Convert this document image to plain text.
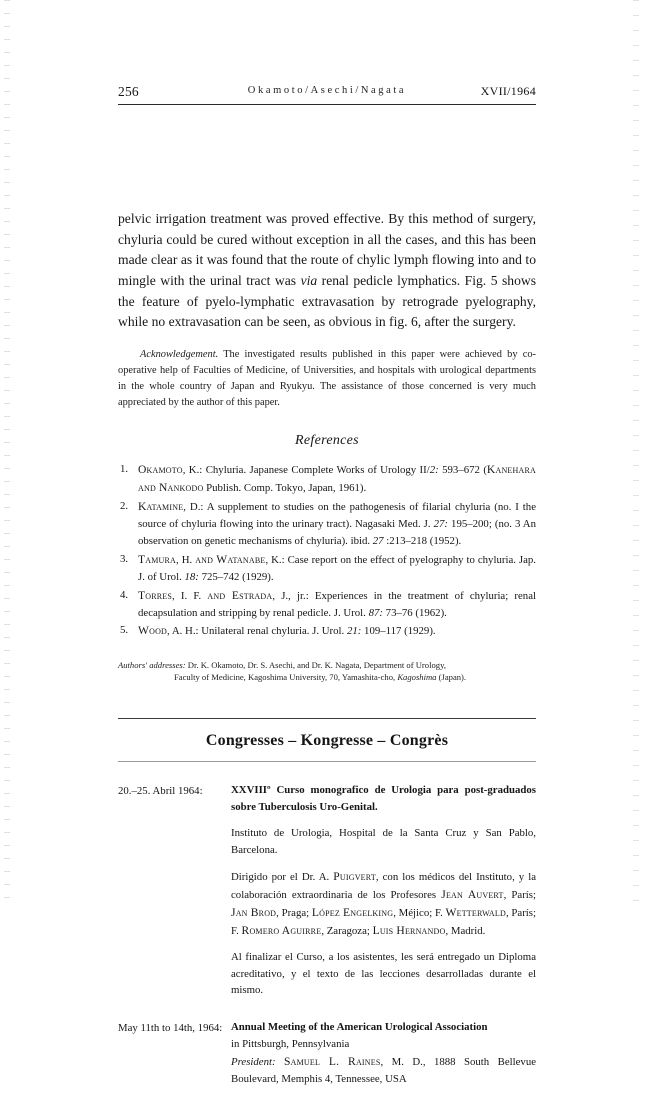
256	Okamoto/Asechi/Nagata	XVII/1964
pelvic irrigation treatment was proved effective. By this method of surgery, chyluria could be cured without exception in all the cases, and this has been made clear as it was found that the route of chylic lymph flowing into and to mingle with the urinal tract was via renal pedicle lymphatics. Fig. 5 shows the feature of pyelo-lymphatic extravasation by retrograde pyelography, while no extravasation can be seen, as obvious in fig. 6, after the surgery.
Acknowledgement. The investigated results published in this paper were achieved by co-operative help of Faculties of Medicine, of Universities, and hospitals with urological departments in the whole country of Japan and Ryukyu. The assistance of those concerned is very much appreciated by the author of this paper.
References
1. Okamoto, K.: Chyluria. Japanese Complete Works of Urology II/2: 593–672 (Kanehara and Nankodo Publish. Comp. Tokyo, Japan, 1961).
2. Katamine, D.: A supplement to studies on the pathogenesis of filarial chyluria (no. I the source of chyluria flowing into the urinary tract). Nagasaki Med. J. 27: 195–200; (no. 3 An observation on genetic mechanisms of chyluria). ibid. 27 :213–218 (1952).
3. Tamura, H. and Watanabe, K.: Case report on the effect of pyelography to chyluria. Jap. J. of Urol. 18: 725–742 (1929).
4. Torres, I. F. and Estrada, J., jr.: Experiences in the treatment of chyluria; renal decapsulation and stripping by renal pedicle. J. Urol. 87: 73–76 (1962).
5. Wood, A. H.: Unilateral renal chyluria. J. Urol. 21: 109–117 (1929).
Authors' addresses: Dr. K. Okamoto, Dr. S. Asechi, and Dr. K. Nagata, Department of Urology,
Faculty of Medicine, Kagoshima University, 70, Yamashita-cho, Kagoshima (Japan).
Congresses – Kongresse – Congrès
20.–25. Abril 1964:	XXVIIIº Curso monografico de Urologia para post-graduados sobre Tuberculosis Uro-Genital.

Instituto de Urologia, Hospital de la Santa Cruz y San Pablo, Barcelona.

Dirigido por el Dr. A. Puigvert, con los médicos del Instituto, y la colaboración extraordinaria de los Profesores Jean Auvert, París; Jan Brod, Praga; López Engelking, Méjico; F. Wetterwald, París; F. Romero Aguirre, Zaragoza; Luis Hernando, Madrid.

Al finalizar el Curso, a los asistentes, les será entregado un Diploma acreditativo, y el texto de las lecciones desarrolladas durante el mismo.

May 11th to 14th, 1964: Annual Meeting of the American Urological Association

in Pittsburgh, Pennsylvania

President: Samuel L. Raines, M. D., 1888 South Bellevue Boulevard, Memphis 4, Tennessee, USA
